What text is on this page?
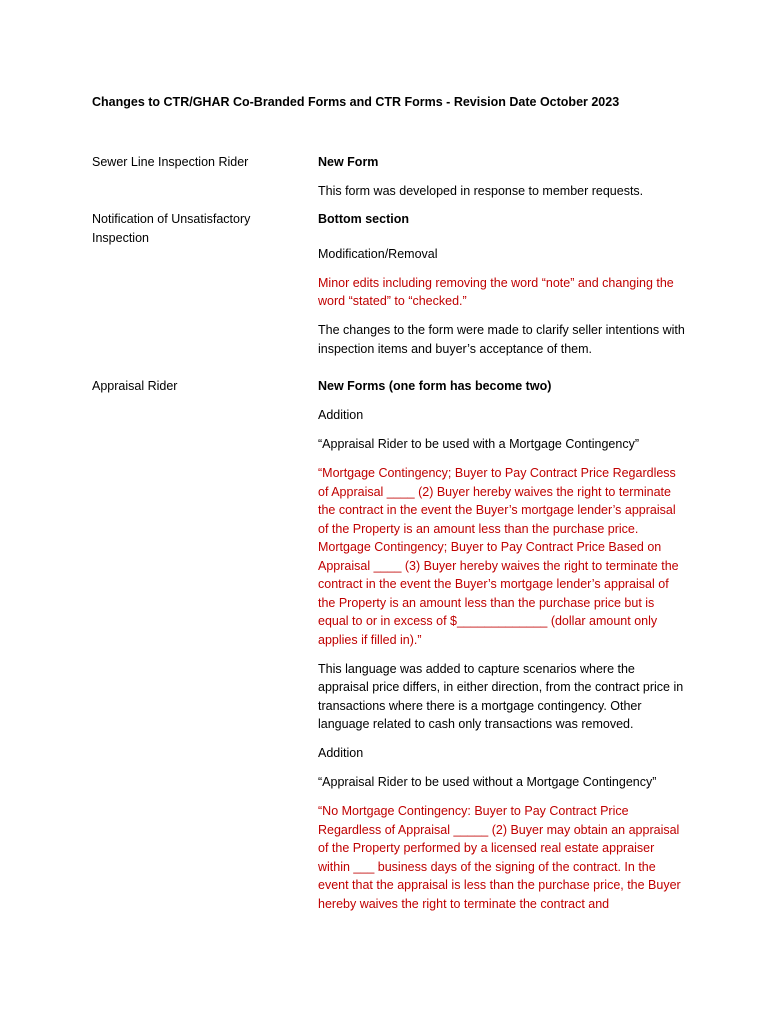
Changes to CTR/GHAR Co-Branded Forms and CTR Forms - Revision Date October 2023
Sewer Line Inspection Rider	New Form

This form was developed in response to member requests.

Notification of Unsatisfactory Inspection

Bottom section

Modification/Removal

Minor edits including removing the word “note” and changing the word “stated” to “checked.”

The changes to the form were made to clarify seller intentions with inspection items and buyer’s acceptance of them.

Appraisal Rider	New Forms (one form has become two)

Addition

“Appraisal Rider to be used with a Mortgage Contingency”

“Mortgage Contingency; Buyer to Pay Contract Price Regardless of Appraisal ____ (2) Buyer hereby waives the right to terminate the contract in the event the Buyer’s mortgage lender’s appraisal of the Property is an amount less than the purchase price. Mortgage Contingency; Buyer to Pay Contract Price Based on Appraisal ____ (3) Buyer hereby waives the right to terminate the contract in the event the Buyer’s mortgage lender’s appraisal of the Property is an amount less than the purchase price but is equal to or in excess of $_____________ (dollar amount only applies if filled in).”

This language was added to capture scenarios where the appraisal price differs, in either direction, from the contract price in transactions where there is a mortgage contingency. Other language related to cash only transactions was removed.

Addition

“Appraisal Rider to be used without a Mortgage Contingency”

“No Mortgage Contingency: Buyer to Pay Contract Price Regardless of Appraisal _____ (2) Buyer may obtain an appraisal of the Property performed by a licensed real estate appraiser within ___ business days of the signing of the contract. In the event that the appraisal is less than the purchase price, the Buyer hereby waives the right to terminate the contract and
